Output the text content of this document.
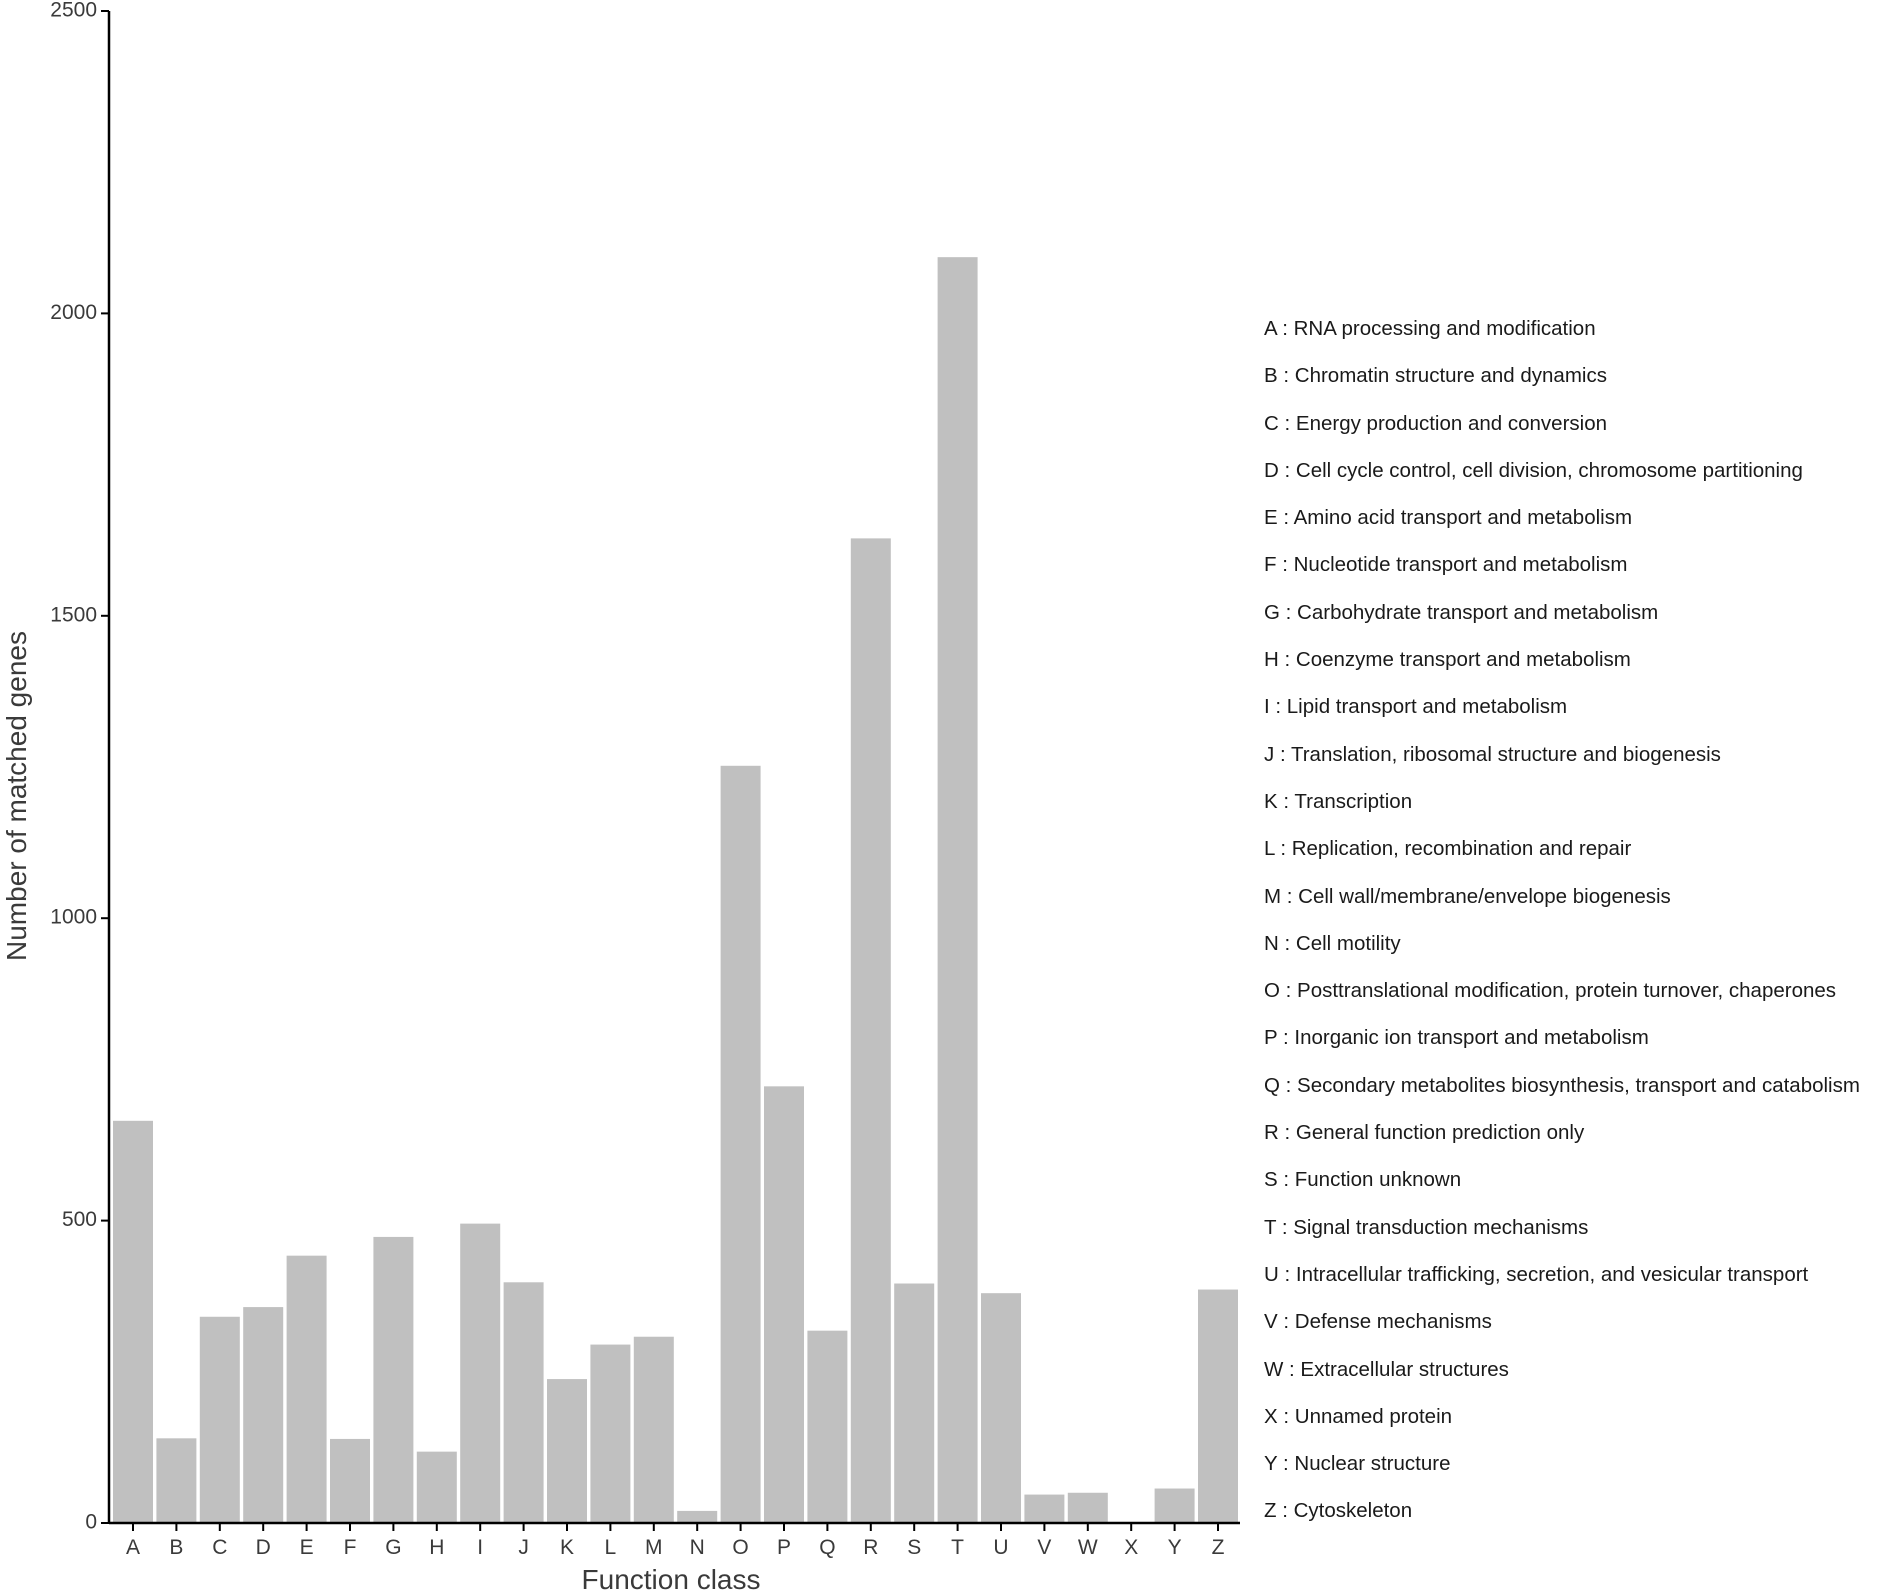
0
500
1000
1500
2000
2500
A B C D E F G H I J K L M N O P Q R S T U V W X Y Z
Number of matched genes
Function class
A : RNA processing and modification
B : Chromatin structure and dynamics
C : Energy production and conversion
D : Cell cycle control, cell division, chromosome partitioning
E : Amino acid transport and metabolism
F : Nucleotide transport and metabolism
G : Carbohydrate transport and metabolism
H : Coenzyme transport and metabolism
I : Lipid transport and metabolism
J : Translation, ribosomal structure and biogenesis
K : Transcription
L : Replication, recombination and repair
M : Cell wall/membrane/envelope biogenesis
N : Cell motility
O : Posttranslational modification, protein turnover, chaperones
P : Inorganic ion transport and metabolism
Q : Secondary metabolites biosynthesis, transport and catabolism
R : General function prediction only
S : Function unknown
T : Signal transduction mechanisms
U : Intracellular trafficking, secretion, and vesicular transport
V : Defense mechanisms
W : Extracellular structures
X : Unnamed protein
Y : Nuclear structure
Z : Cytoskeleton
